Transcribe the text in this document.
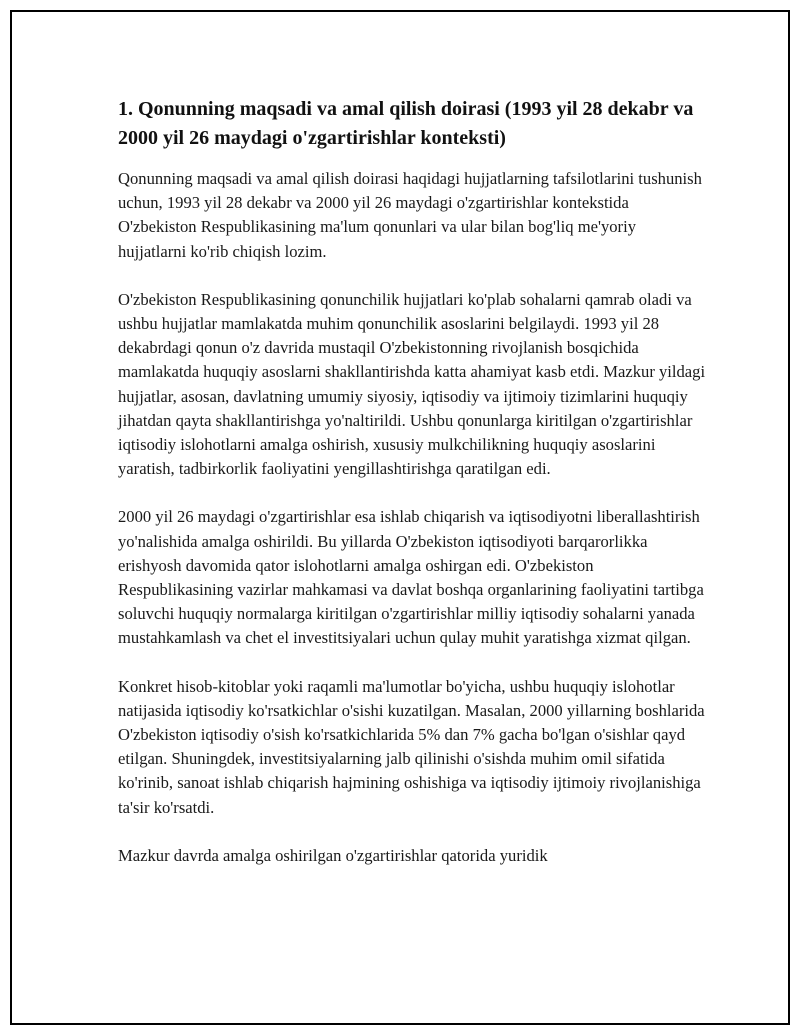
1. Qonunning maqsadi va amal qilish doirasi (1993 yil 28 dekabr va 2000 yil 26 maydagi o'zgartirishlar konteksti)

Qonunning maqsadi va amal qilish doirasi haqidagi hujjatlarning tafsilotlarini tushunish uchun, 1993 yil 28 dekabr va 2000 yil 26 maydagi o'zgartirishlar kontekstida O'zbekiston Respublikasining ma'lum qonunlari va ular bilan bog'liq me'yoriy hujjatlarni ko'rib chiqish lozim.

O'zbekiston Respublikasining qonunchilik hujjatlari ko'plab sohalarni qamrab oladi va ushbu hujjatlar mamlakatda muhim qonunchilik asoslarini belgilaydi. 1993 yil 28 dekabrdagi qonun o'z davrida mustaqil O'zbekistonning rivojlanish bosqichida mamlakatda huquqiy asoslarni shakllantirishda katta ahamiyat kasb etdi. Mazkur yildagi hujjatlar, asosan, davlatning umumiy siyosiy, iqtisodiy va ijtimoiy tizimlarini huquqiy jihatdan qayta shakllantirishga yo'naltirildi. Ushbu qonunlarga kiritilgan o'zgartirishlar iqtisodiy islohotlarni amalga oshirish, xususiy mulkchilikning huquqiy asoslarini yaratish, tadbirkorlik faoliyatini yengillashtirishga qaratilgan edi.

2000 yil 26 maydagi o'zgartirishlar esa ishlab chiqarish va iqtisodiyotni liberallashtirish yo'nalishida amalga oshirildi. Bu yillarda O'zbekiston iqtisodiyoti barqarorlikka erishyosh davomida qator islohotlarni amalga oshirgan edi. O'zbekiston Respublikasining vazirlar mahkamasi va davlat boshqa organlarining faoliyatini tartibga soluvchi huquqiy normalarga kiritilgan o'zgartirishlar milliy iqtisodiy sohalarni yanada mustahkamlash va chet el investitsiyalari uchun qulay muhit yaratishga xizmat qilgan.

Konkret hisob-kitoblar yoki raqamli ma'lumotlar bo'yicha, ushbu huquqiy islohotlar natijasida iqtisodiy ko'rsatkichlar o'sishi kuzatilgan. Masalan, 2000 yillarning boshlarida O'zbekiston iqtisodiy o'sish ko'rsatkichlarida 5% dan 7% gacha bo'lgan o'sishlar qayd etilgan. Shuningdek, investitsiyalarning jalb qilinishi o'sishda muhim omil sifatida ko'rinib, sanoat ishlab chiqarish hajmining oshishiga va iqtisodiy ijtimoiy rivojlanishiga ta'sir ko'rsatdi.

Mazkur davrda amalga oshirilgan o'zgartirishlar qatorida yuridik
